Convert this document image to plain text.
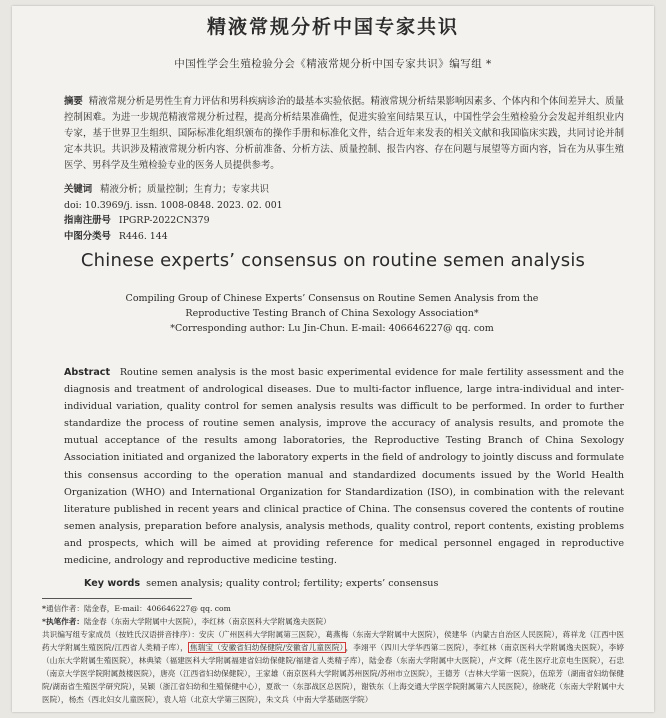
精液常规分析中国专家共识
中国性学会生殖检验分会《精液常规分析中国专家共识》编写组 *
摘要 精液常规分析是男性生育力评估和男科疾病诊治的最基本实验依据。精液常规分析结果影响因素多、个体内和个体间差异大、质量控制困难。为进一步规范精液常规分析过程，提高分析结果准确性，促进实验室间结果互认，中国性学会生殖检验分会发起并组织业内专家，基于世界卫生组织、国际标准化组织颁布的操作手册和标准化文件，结合近年来发表的相关文献和我国临床实践，共同讨论并制定本共识。共识涉及精液常规分析内容、分析前准备、分析方法、质量控制、报告内容、存在问题与展望等方面内容，旨在为从事生殖医学、男科学及生殖检验专业的医务人员提供参考。
关键词 精液分析；质量控制；生育力；专家共识
doi: 10.3969/j. issn. 1008-0848. 2023. 02. 001
指南注册号 IPGRP-2022CN379
中图分类号 R446. 144
Chinese experts’ consensus on routine semen analysis
Compiling Group of Chinese Experts’ Consensus on Routine Semen Analysis from the
Reproductive Testing Branch of China Sexology Association*
*Corresponding author: Lu Jin-Chun. E-mail: 406646227@ qq. com
Abstract Routine semen analysis is the most basic experimental evidence for male fertility assessment and the diagnosis and treatment of andrological diseases. Due to multi-factor influence, large intra-individual and inter-individual variation, quality control for semen analysis results was difficult to be performed. In order to further standardize the process of routine semen analysis, improve the accuracy of analysis results, and promote the mutual acceptance of the results among laboratories, the Reproductive Testing Branch of China Sexology Association initiated and organized the laboratory experts in the field of andrology to jointly discuss and formulate this consensus according to the operation manual and standardized documents issued by the World Health Organization (WHO) and International Organization for Standardization (ISO), in combination with the relevant literature published in recent years and clinical practice of China. The consensus covered the contents of routine semen analysis, preparation before analysis, analysis methods, quality control, report contents, existing problems and prospects, which will be aimed at providing reference for medical personnel engaged in reproductive medicine, andrology and reproductive medicine testing.
Key words semen analysis; quality control; fertility; experts’ consensus
*通信作者：陆金春，E-mail：406646227@ qq. com
*执笔作者：陆金春（东南大学附属中大医院），李红林（南京医科大学附属逸夫医院）
共识编写组专家成员（按姓氏汉语拼音排序）：安庆（广州医科大学附属第三医院），葛燕梅（东南大学附属中大医院），侯建华（内蒙古自治区人民医院），蒋祥龙（江西中医药大学附属生殖医院/江西省人类精子库）， 焦瑞宝（安徽省妇幼保健院/安徽省儿童医院） ，李翊平（四川大学华西第二医院），李红林（南京医科大学附属逸夫医院），李婷（山东大学附属生殖医院），林典梁（福建医科大学附属福建省妇幼保健院/福建省人类精子库），陆金春（东南大学附属中大医院），卢文辉（花生医疗北京电生医院），石忠（南京大学医学院附属鼓楼医院），唐亮（江西省妇幼保健院），王家雄（南京医科大学附属苏州医院/苏州市立医院），王德芳（吉林大学第一医院），伍琼芳（湖南省妇幼保健院/湖南省生殖医学研究院），吴颖（浙江省妇幼和生殖保健中心），夏欲一（东部战区总医院），谢铁东（上海交通大学医学院附属第六人民医院），徐晓花（东南大学附属中大医院），杨杰（西北妇女儿童医院），袁人培（北京大学第三医院），朱文兵（中南大学基础医学院）
